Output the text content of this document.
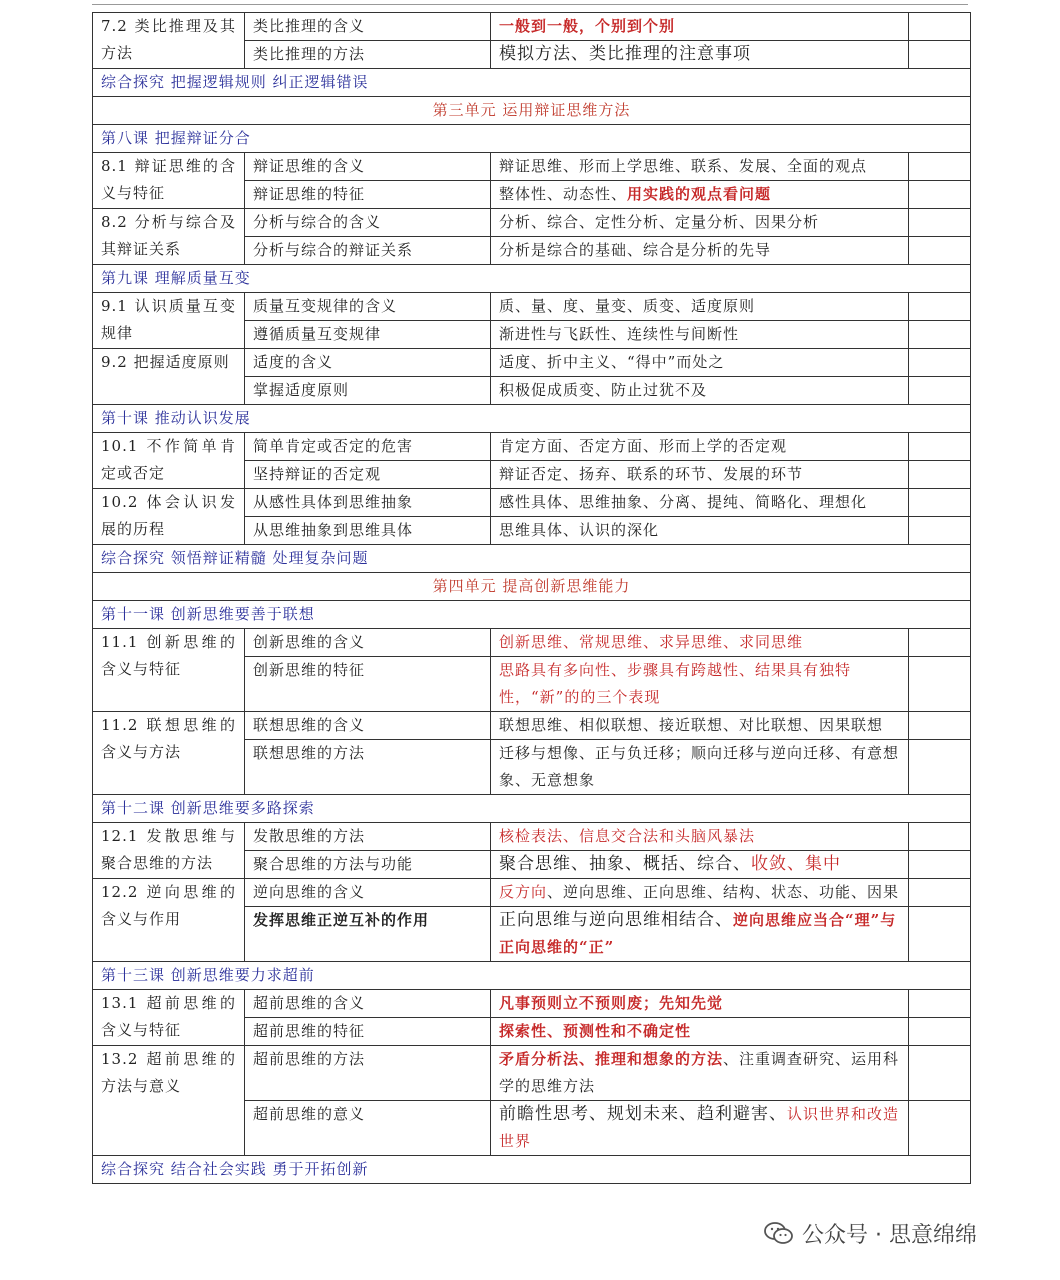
7.2 类比推理及其方法	类比推理的含义	一般到一般，个别到个别	
	类比推理的方法	模拟方法、类比推理的注意事项	
综合探究 把握逻辑规则 纠正逻辑错误			
第三单元 运用辩证思维方法			
第八课 把握辩证分合			
8.1 辩证思维的含义与特征	辩证思维的含义	辩证思维、形而上学思维、联系、发展、全面的观点	
	辩证思维的特征	整体性、动态性、用实践的观点看问题	
8.2 分析与综合及其辩证关系	分析与综合的含义	分析、综合、定性分析、定量分析、因果分析	
	分析与综合的辩证关系	分析是综合的基础、综合是分析的先导	
第九课 理解质量互变			
9.1 认识质量互变规律	质量互变规律的含义	质、量、度、量变、质变、适度原则	
	遵循质量互变规律	渐进性与飞跃性、连续性与间断性	
9.2 把握适度原则	适度的含义	适度、折中主义、“得中”而处之	
	掌握适度原则	积极促成质变、防止过犹不及	
第十课 推动认识发展			
10.1 不作简单肯定或否定	简单肯定或否定的危害	肯定方面、否定方面、形而上学的否定观	
	坚持辩证的否定观	辩证否定、扬弃、联系的环节、发展的环节	
10.2 体会认识发展的历程	从感性具体到思维抽象	感性具体、思维抽象、分离、提纯、简略化、理想化	
	从思维抽象到思维具体	思维具体、认识的深化	
综合探究 领悟辩证精髓 处理复杂问题			
第四单元 提高创新思维能力			
第十一课 创新思维要善于联想			
11.1 创新思维的含义与特征	创新思维的含义	创新思维、常规思维、求异思维、求同思维	
	创新思维的特征	思路具有多向性、步骤具有跨越性、结果具有独特性，“新”的的三个表现	
11.2 联想思维的含义与方法	联想思维的含义	联想思维、相似联想、接近联想、对比联想、因果联想	
	联想思维的方法	迁移与想像、正与负迁移；顺向迁移与逆向迁移、有意想象、无意想象	
第十二课 创新思维要多路探索			
12.1 发散思维与聚合思维的方法	发散思维的方法	核检表法、信息交合法和头脑风暴法	
	聚合思维的方法与功能	聚合思维、抽象、概括、综合、收敛、集中	
12.2 逆向思维的含义与作用	逆向思维的含义	反方向、逆向思维、正向思维、结构、状态、功能、因果	
	发挥思维正逆互补的作用	正向思维与逆向思维相结合、逆向思维应当合“理”与正向思维的“正”	
第十三课 创新思维要力求超前			
13.1 超前思维的含义与特征	超前思维的含义	凡事预则立不预则废；先知先觉	
	超前思维的特征	探索性、预测性和不确定性	
13.2 超前思维的方法与意义	超前思维的方法	矛盾分析法、推理和想象的方法、注重调查研究、运用科学的思维方法	
	超前思维的意义	前瞻性思考、规划未来、趋利避害、认识世界和改造世界	
综合探究 结合社会实践 勇于开拓创新			
公众号 · 思意绵绵
